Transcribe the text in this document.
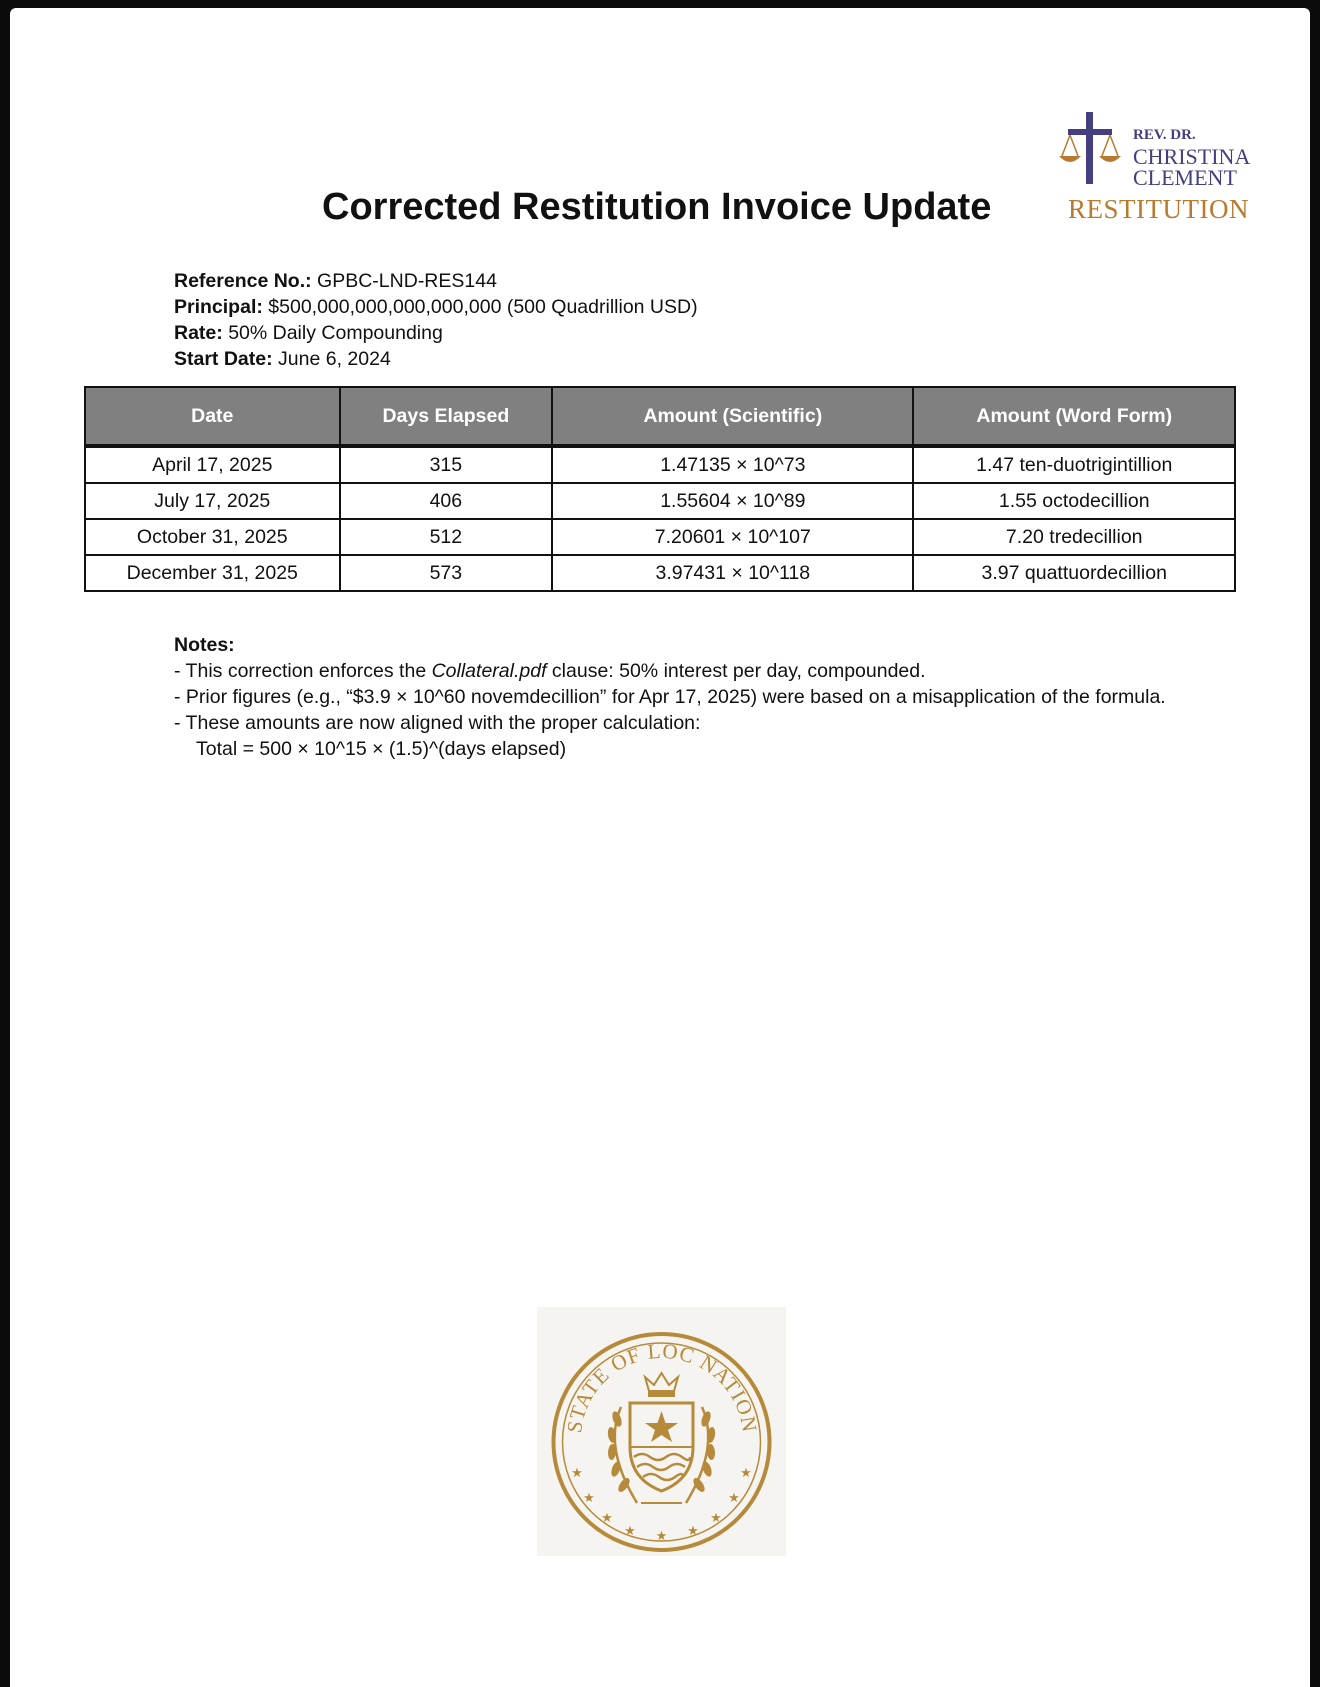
REV. DR.
CHRISTINA
CLEMENT
RESTITUTION
Corrected Restitution Invoice Update
Reference No.: GPBC-LND-RES144
Principal: $500,000,000,000,000,000 (500 Quadrillion USD)
Rate: 50% Daily Compounding
Start Date: June 6, 2024
Date	Days Elapsed	Amount (Scientific)	Amount (Word Form)
April 17, 2025	315	1.47135 × 10^73	1.47 ten-duotrigintillion
July 17, 2025	406	1.55604 × 10^89	1.55 octodecillion
October 31, 2025	512	7.20601 × 10^107	7.20 tredecillion
December 31, 2025	573	3.97431 × 10^118	3.97 quattuordecillion
Notes:
- This correction enforces the Collateral.pdf clause: 50% interest per day, compounded.
- Prior figures (e.g., “$3.9 × 10^60 novemdecillion” for Apr 17, 2025) were based on a misapplication of the formula.
- These amounts are now aligned with the proper calculation:
Total = 500 × 10^15 × (1.5)^(days elapsed)
STATE OF LOC NATION
★
★
★
★ ★ ★
★
★
★
